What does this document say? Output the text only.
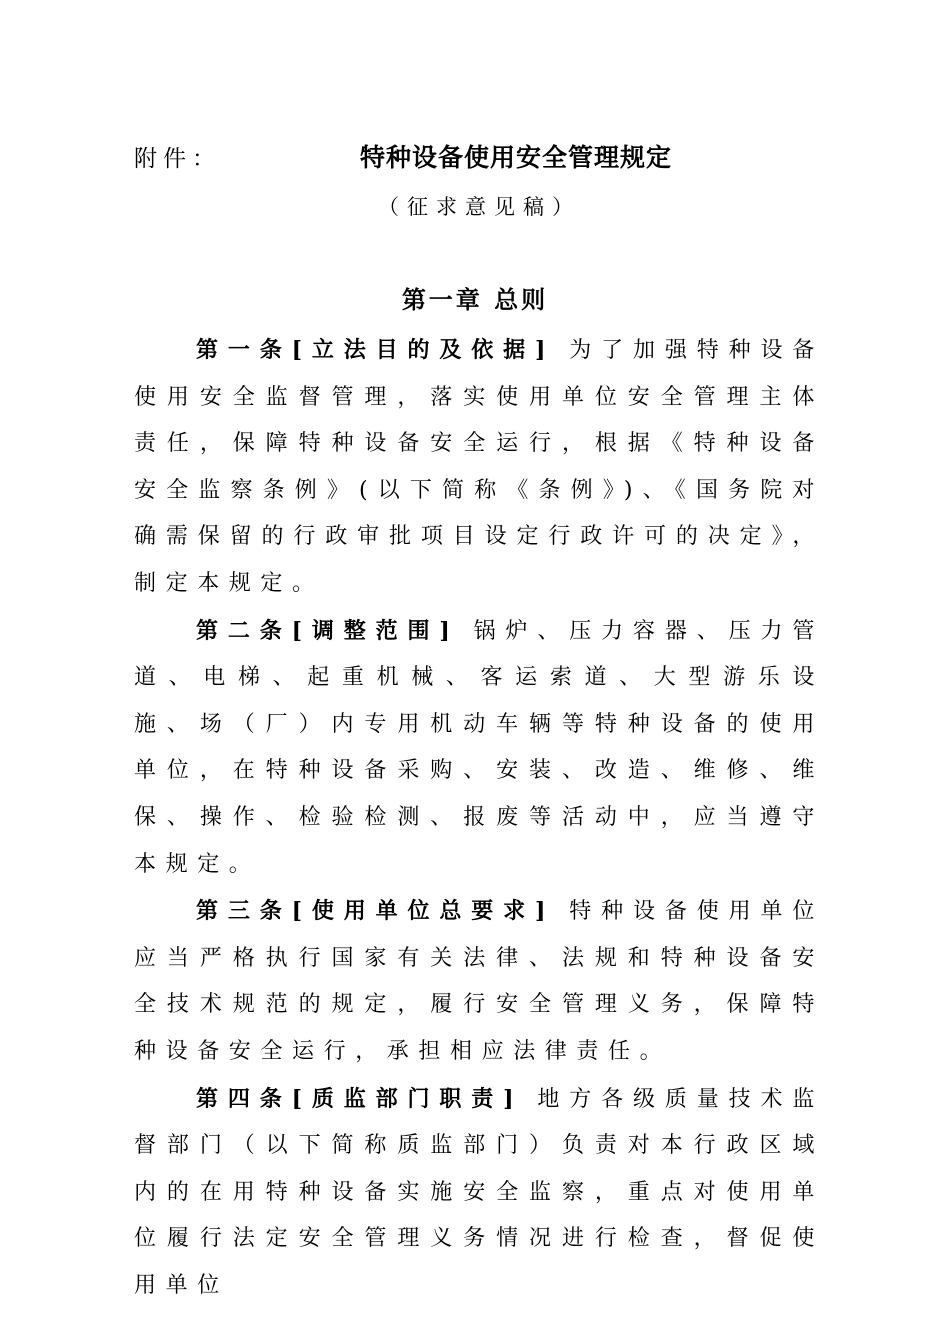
附件：	特种设备使用安全管理规定
（征求意见稿）
第一章 总则

第一条[立法目的及依据] 为了加强特种设备使用安全监督管理，落实使用单位安全管理主体责任，保障特种设备安全运行，根据《特种设备安全监察条例》(以下简称《条例》)、《国务院对确需保留的行政审批项目设定行政许可的决定》，制定本规定。

第二条[调整范围] 锅炉、压力容器、压力管道、电梯、起重机械、客运索道、大型游乐设施、场（厂）内专用机动车辆等特种设备的使用单位，在特种设备采购、安装、改造、维修、维保、操作、检验检测、报废等活动中，应当遵守本规定。

第三条[使用单位总要求] 特种设备使用单位应当严格执行国家有关法律、法规和特种设备安全技术规范的规定，履行安全管理义务，保障特种设备安全运行，承担相应法律责任。

第四条[质监部门职责] 地方各级质量技术监督部门（以下简称质监部门）负责对本行政区域内的在用特种设备实施安全监察，重点对使用单位履行法定安全管理义务情况进行检查，督促使用单位
